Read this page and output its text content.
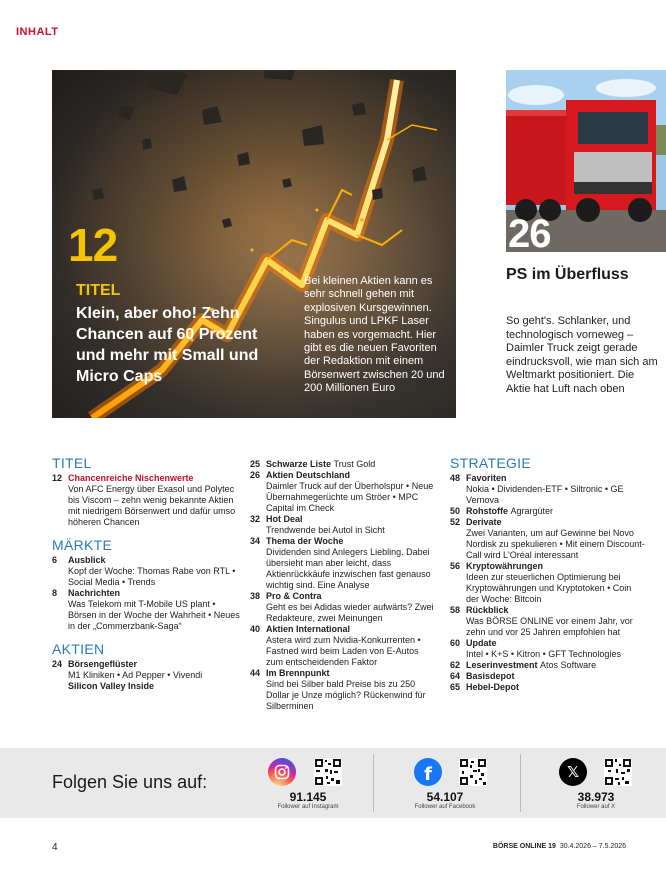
INHALT
12
TITEL
Klein, aber oho! Zehn Chancen auf 60 Prozent und mehr mit Small und Micro Caps
Bei kleinen Aktien kann es sehr schnell gehen mit explosiven Kursgewinnen. Singulus und LPKF Laser haben es vorgemacht. Hier gibt es die neuen Favoriten der Redaktion mit einem Börsenwert zwischen 20 und 200 Millionen Euro
26
PS im Überfluss
So geht's. Schlanker, und technologisch vorneweg – Daimler Truck zeigt gerade eindrucksvoll, wie man sich am Weltmarkt positioniert. Die Aktie hat Luft nach oben
TITEL
12 Chancenreiche Nischenwerte
Von AFC Energy über Exasol und Polytec bis Viscom – zehn wenig bekannte Aktien mit niedrigem Börsenwert und dafür umso höheren Chancen
MÄRKTE
6	Ausblick
Kopf der Woche: Thomas Rabe von RTL • Social Media • Trends
8	Nachrichten
Was Telekom mit T-Mobile US plant • Börsen in der Woche der Wahrheit • Neues in der „Commerzbank-Saga“
AKTIEN
24 Börsengeflüster
M1 Kliniken • Ad Pepper • Vivendi
Silicon Valley Inside
25 Schwarze Liste Trust Gold
26 Aktien Deutschland
Daimler Truck auf der Überholspur • Neue Übernahmegerüchte um Ströer • MPC Capital im Check
32 Hot Deal
Trendwende bei Autol in Sicht
34 Thema der Woche
Dividenden sind Anlegers Liebling. Dabei übersieht man aber leicht, dass Aktienrückkäufe inzwischen fast genauso wichtig sind. Eine Analyse
38 Pro & Contra
Geht es bei Adidas wieder aufwärts? Zwei Redakteure, zwei Meinungen
40 Aktien International
Astera wird zum Nvidia-Konkurrenten • Fastned wird beim Laden von E-Autos zum entscheidenden Faktor
44 Im Brennpunkt
Sind bei Silber bald Preise bis zu 250 Dollar je Unze möglich? Rückenwind für Silberminen
STRATEGIE
48 Favoriten
Nokia • Dividenden-ETF • Siltronic • GE Vernova
50 Rohstoffe Agrargüter
52 Derivate
Zwei Varianten, um auf Gewinne bei Novo Nordisk zu spekulieren • Mit einem Discount-Call wird L'Oréal interessant
56 Kryptowährungen
Ideen zur steuerlichen Optimierung bei Kryptowährungen und Kryptotoken • Coin der Woche: Bitcoin
58 Rückblick
Was BÖRSE ONLINE vor einem Jahr, vor zehn und vor 25 Jahren empfohlen hat
60 Update
Intel • K+S • Kitron • GFT Technologies
62 Leserinvestment Atos Software
64 Basisdepot
65 Hebel-Depot
Folgen Sie uns auf:
91.145
Follower auf Instagram
f
54.107
Follower auf Facebook
𝕏
38.973
Follower auf X
4	BÖRSE ONLINE 19 30.4.2026 – 7.5.2026
